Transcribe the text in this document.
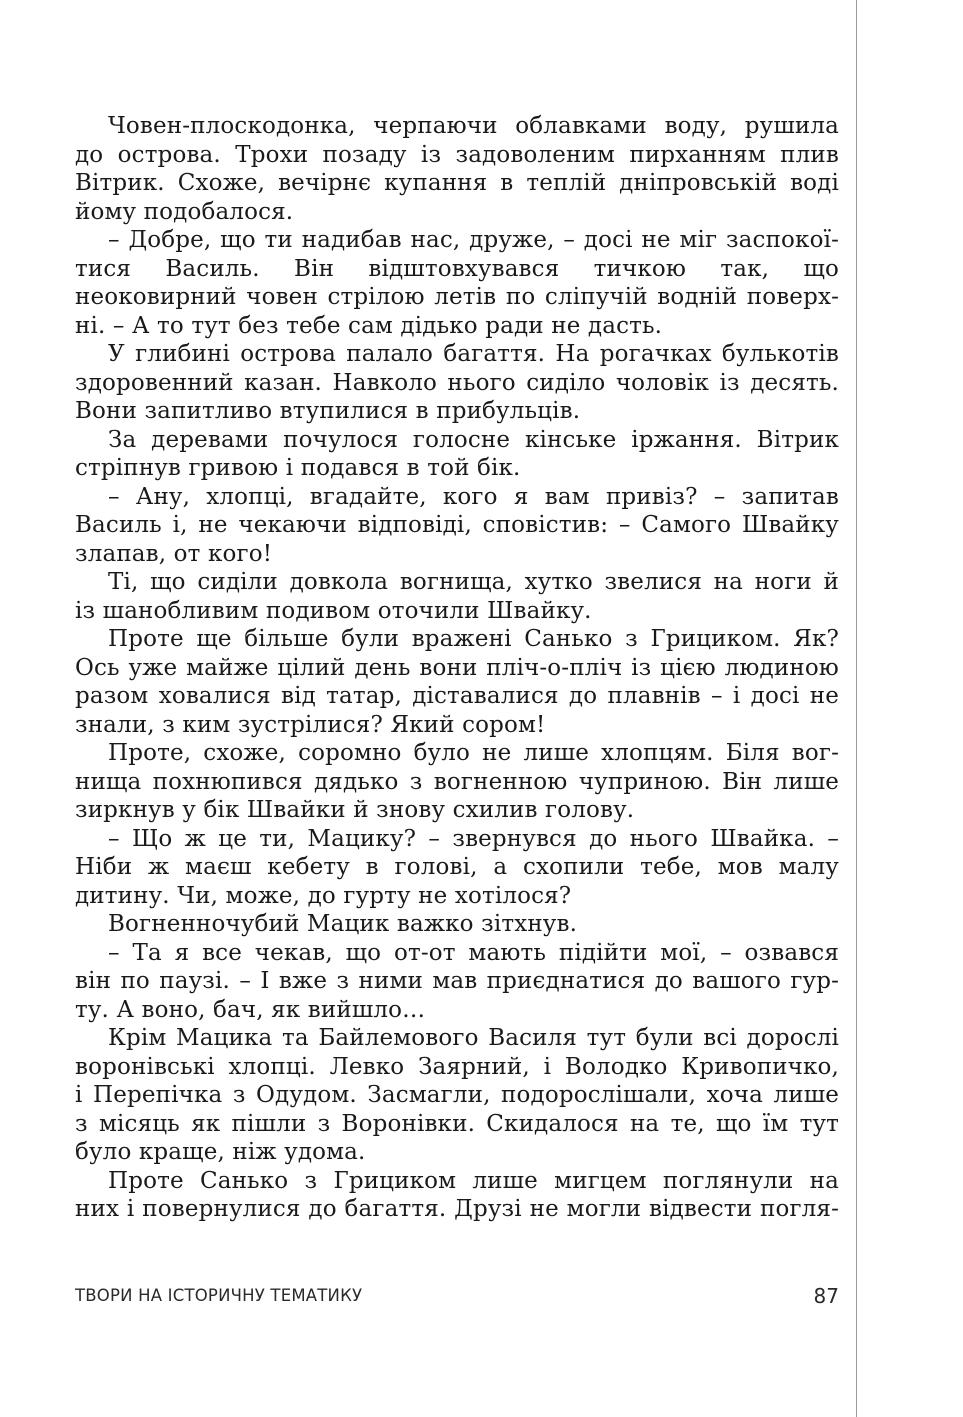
Човен-плоскодонка, черпаючи облавками воду, рушила
до острова. Трохи позаду із задоволеним пирханням плив
Вітрик. Схоже, вечірнє купання в теплій дніпровській воді
йому подобалося.
– Добре, що ти надибав нас, друже, – досі не міг заспокої-
тися Василь. Він відштовхувався тичкою так, що
неоковирний човен стрілою летів по сліпучій водній поверх-
ні. – А то тут без тебе сам дідько ради не дасть.
У глибині острова палало багаття. На рогачках булькотів
здоровенний казан. Навколо нього сиділо чоловік із десять.
Вони запитливо втупилися в прибульців.
За деревами почулося голосне кінське іржання. Вітрик
стріпнув гривою і подався в той бік.
– Ану, хлопці, вгадайте, кого я вам привіз? – запитав
Василь і, не чекаючи відповіді, сповістив: – Самого Швайку
злапав, от кого!
Ті, що сиділи довкола вогнища, хутко звелися на ноги й
із шанобливим подивом оточили Швайку.
Проте ще більше були вражені Санько з Грициком. Як?
Ось уже майже цілий день вони пліч-о-пліч із цією людиною
разом ховалися від татар, діставалися до плавнів – і досі не
знали, з ким зустрілися? Який сором!
Проте, схоже, соромно було не лише хлопцям. Біля вог-
нища похнюпився дядько з вогненною чуприною. Він лише
зиркнув у бік Швайки й знову схилив голову.
– Що ж це ти, Мацику? – звернувся до нього Швайка. –
Ніби ж маєш кебету в голові, а схопили тебе, мов малу
дитину. Чи, може, до гурту не хотілося?
Вогненночубий Мацик важко зітхнув.
– Та я все чекав, що от-от мають підійти мої, – озвався
він по паузі. – І вже з ними мав приєднатися до вашого гур-
ту. А воно, бач, як вийшло…
Крім Мацика та Байлемового Василя тут були всі дорослі
воронівські хлопці. Левко Заярний, і Володко Кривопичко,
і Перепічка з Одудом. Засмагли, подорослішали, хоча лише
з місяць як пішли з Воронівки. Скидалося на те, що їм тут
було краще, ніж удома.
Проте Санько з Грициком лише мигцем поглянули на
них і повернулися до багаття. Друзі не могли відвести погля-
ТВОРИ НА ІСТОРИЧНУ ТЕМАТИКУ	87
